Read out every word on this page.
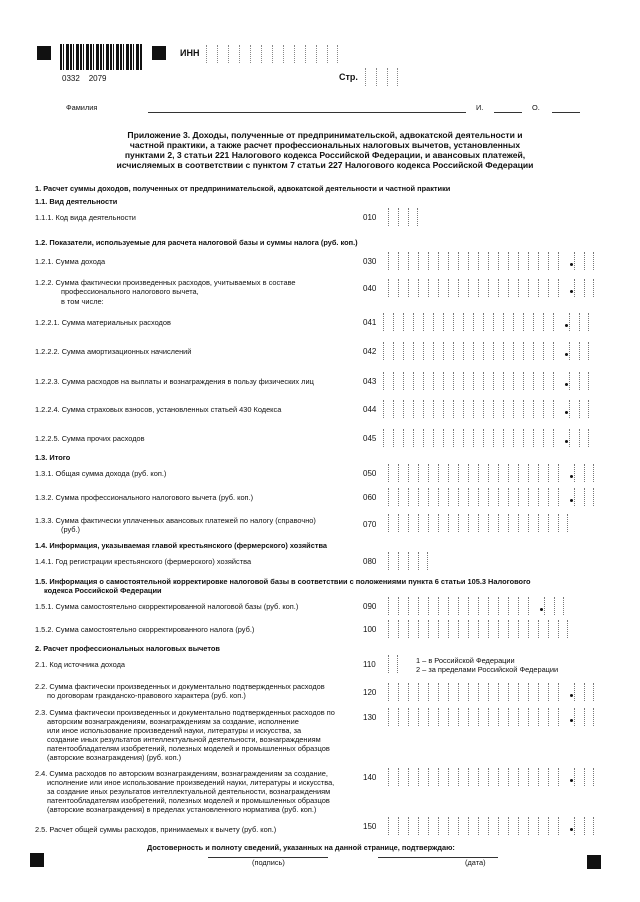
0332    2079
ИНН
Стр.
Фамилия	И.	О.
Приложение 3. Доходы, полученные от предпринимательской, адвокатской деятельности и
частной практики, а также расчет профессиональных налоговых вычетов, установленных
пунктами 2, 3 статьи 221 Налогового кодекса Российской Федерации, и авансовых платежей,
исчисляемых в соответствии с пунктом 7 статьи 227 Налогового кодекса Российской Федерации
1. Расчет суммы доходов, полученных от предпринимательской, адвокатской деятельности и частной практики
1.1. Вид деятельности
1.1.1. Код вида деятельности	010
1.2. Показатели, используемые для расчета налоговой базы и суммы налога (руб. коп.)
1.2.1. Сумма дохода	030
1.2.2. Сумма фактически произведенных расходов, учитываемых в составе
профессионального налогового вычета,
в том числе:
040
1.2.2.1. Сумма материальных расходов	041
1.2.2.2. Сумма амортизационных начислений	042
1.2.2.3. Сумма расходов на выплаты и вознаграждения в пользу физических лиц	043
1.2.2.4. Сумма страховых взносов, установленных статьей 430 Кодекса	044
1.2.2.5. Сумма прочих расходов	045
1.3. Итого
1.3.1. Общая сумма дохода (руб. коп.)	050
1.3.2. Сумма профессионального налогового вычета (руб. коп.)	060
1.3.3. Сумма фактически уплаченных авансовых платежей по налогу (справочно)
(руб.)
070
1.4. Информация, указываемая главой крестьянского (фермерского) хозяйства
1.4.1. Год регистрации крестьянского (фермерского) хозяйства	080
1.5. Информация о самостоятельной корректировке налоговой базы в соответствии с положениями пункта 6 статьи 105.3 Налогового
кодекса Российской Федерации
1.5.1. Сумма самостоятельно скорректированной налоговой базы (руб. коп.)	090
1.5.2. Сумма самостоятельно скорректированного налога (руб.)	100
2. Расчет профессиональных налоговых вычетов
2.1. Код источника дохода	110	1 – в Российской Федерации
2 – за пределами Российской Федерации
2.2. Сумма фактически произведенных и документально подтвержденных расходов
по договорам гражданско-правового характера (руб. коп.)	120
2.3. Сумма фактически произведенных и документально подтвержденных расходов по
авторским вознаграждениям, вознаграждениям за создание, исполнение
или иное использование произведений науки, литературы и искусства, за
создание иных результатов интеллектуальной деятельности, вознаграждениям
патентообладателям изобретений, полезных моделей и промышленных образцов
(авторские вознаграждения) (руб. коп.)
130
2.4. Сумма расходов по авторским вознаграждениям, вознаграждениям за создание,
исполнение или иное использование произведений науки, литературы и искусства,
за создание иных результатов интеллектуальной деятельности, вознаграждениям
патентообладателям изобретений, полезных моделей и промышленных образцов
(авторские вознаграждения) в пределах установленного норматива (руб. коп.)
140
2.5. Расчет общей суммы расходов, принимаемых к вычету (руб. коп.)	150
Достоверность и полноту сведений, указанных на данной странице, подтверждаю:
(подпись)	(дата)
